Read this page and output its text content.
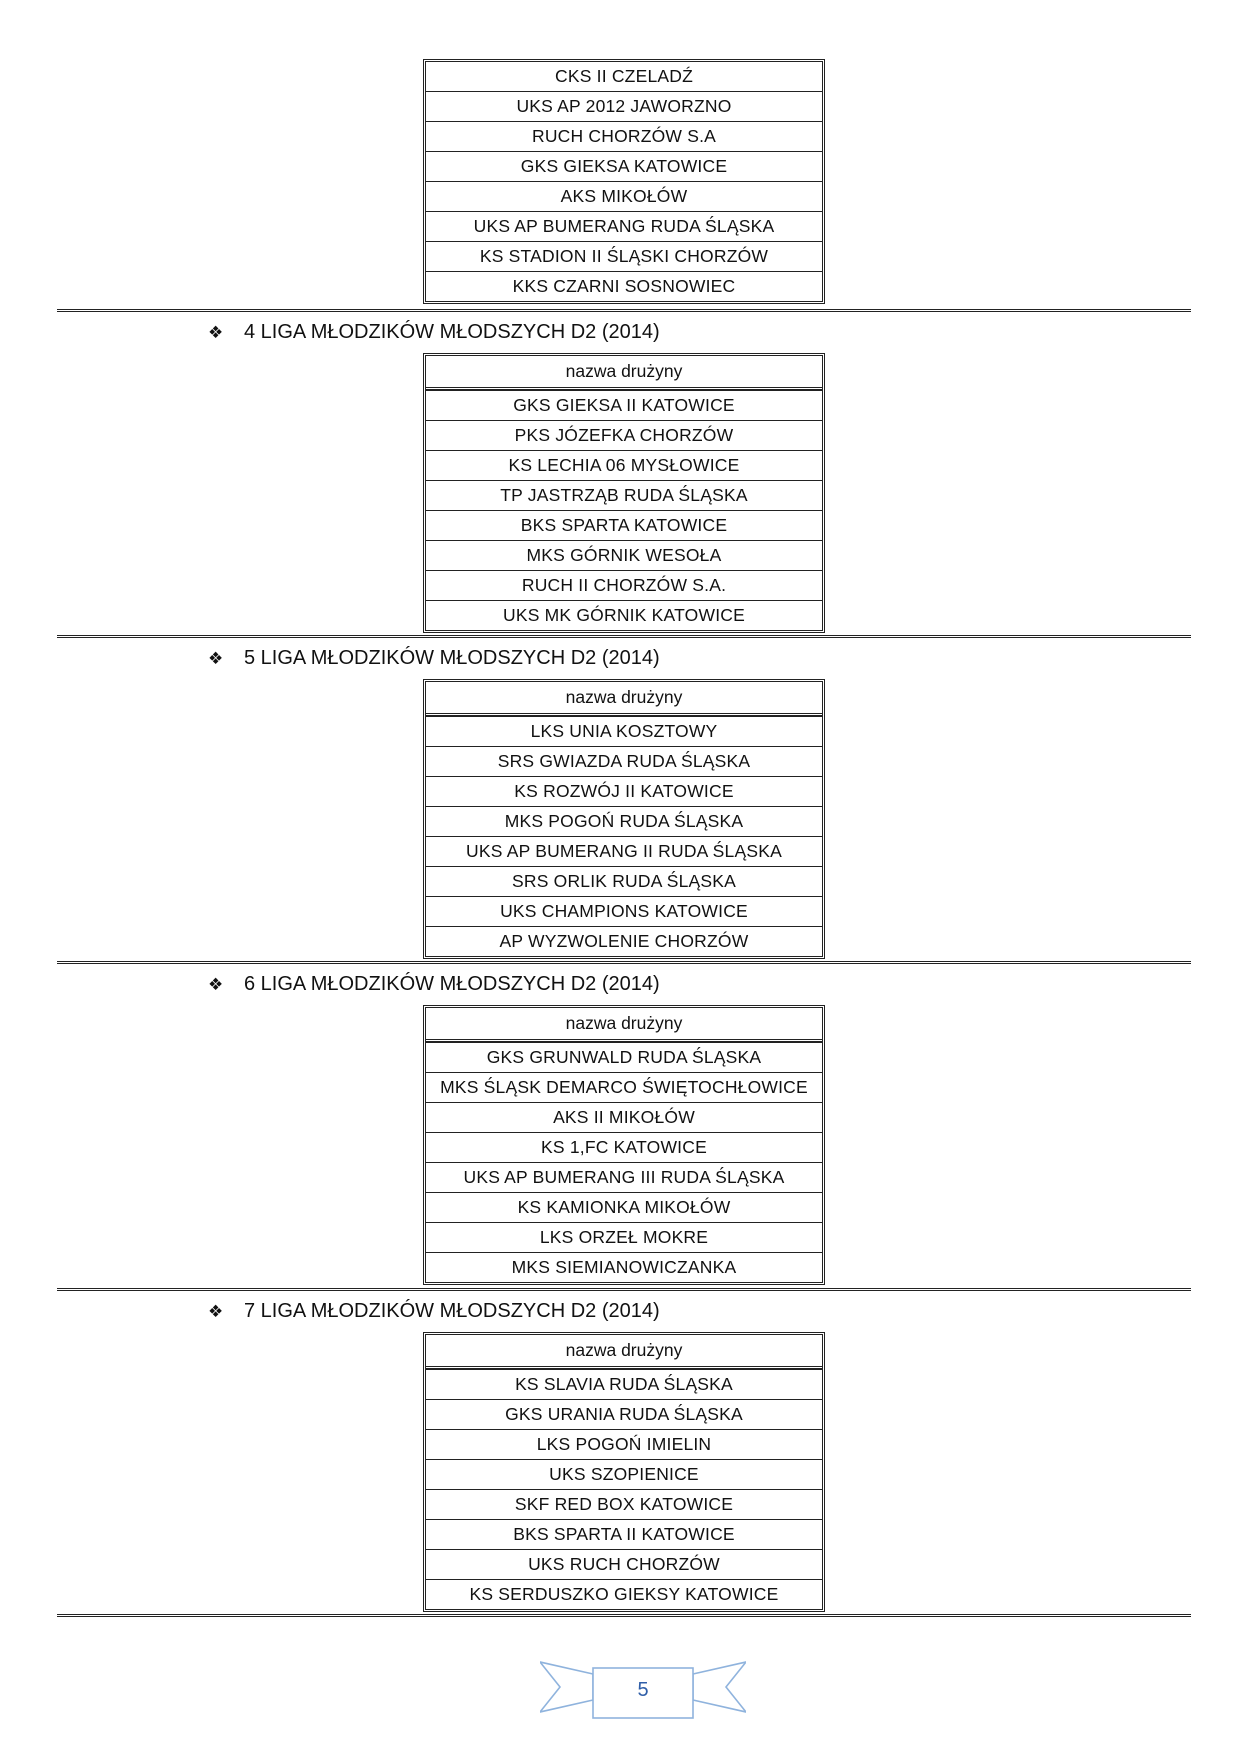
CKS II CZELADŹ
UKS AP 2012 JAWORZNO
RUCH CHORZÓW S.A
GKS GIEKSA KATOWICE
AKS MIKOŁÓW
UKS AP BUMERANG RUDA ŚLĄSKA
KS STADION II ŚLĄSKI CHORZÓW
KKS CZARNI SOSNOWIEC
❖ 4 LIGA MŁODZIKÓW MŁODSZYCH D2 (2014)
nazwa drużyny
GKS GIEKSA II KATOWICE
PKS JÓZEFKA CHORZÓW
KS LECHIA 06 MYSŁOWICE
TP JASTRZĄB RUDA ŚLĄSKA
BKS SPARTA KATOWICE
MKS GÓRNIK WESOŁA
RUCH II CHORZÓW S.A.
UKS MK GÓRNIK KATOWICE
❖ 5 LIGA MŁODZIKÓW MŁODSZYCH D2 (2014)
nazwa drużyny
LKS UNIA KOSZTOWY
SRS GWIAZDA RUDA ŚLĄSKA
KS ROZWÓJ II KATOWICE
MKS POGOŃ RUDA ŚLĄSKA
UKS AP BUMERANG II RUDA ŚLĄSKA
SRS ORLIK RUDA ŚLĄSKA
UKS CHAMPIONS KATOWICE
AP WYZWOLENIE CHORZÓW
❖ 6 LIGA MŁODZIKÓW MŁODSZYCH D2 (2014)
nazwa drużyny
GKS GRUNWALD RUDA ŚLĄSKA
MKS ŚLĄSK DEMARCO ŚWIĘTOCHŁOWICE
AKS II MIKOŁÓW
KS 1,FC KATOWICE
UKS AP BUMERANG III RUDA ŚLĄSKA
KS KAMIONKA MIKOŁÓW
LKS ORZEŁ MOKRE
MKS SIEMIANOWICZANKA
❖ 7 LIGA MŁODZIKÓW MŁODSZYCH D2 (2014)
nazwa drużyny
KS SLAVIA RUDA ŚLĄSKA
GKS URANIA RUDA ŚLĄSKA
LKS POGOŃ IMIELIN
UKS SZOPIENICE
SKF RED BOX KATOWICE
BKS SPARTA II KATOWICE
UKS RUCH CHORZÓW
KS SERDUSZKO GIEKSY KATOWICE
5
